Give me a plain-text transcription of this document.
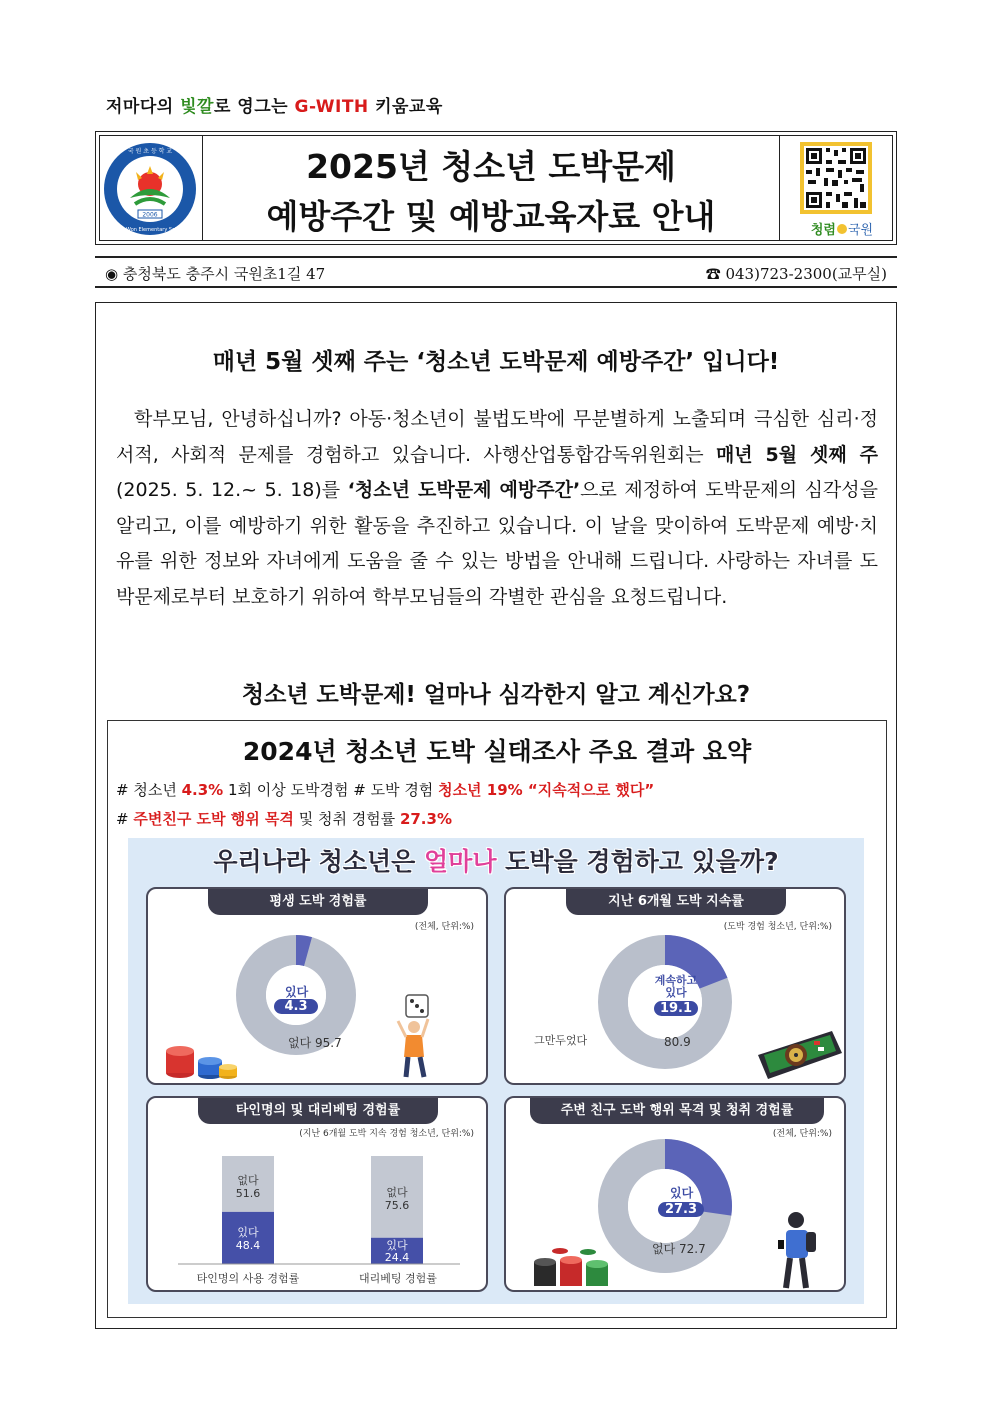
저마다의 빛깔로 영그는 G-WITH 키움교육
2006
국 원 초 등 학 교
Guk Won Elementary School
2025년 청소년 도박문제
예방주간 및 예방교육자료 안내	청렴 국원
◉ 충청북도 충주시 국원초1길 47	☎ 043)723-2300(교무실)
매년 5월 셋째 주는 ‘청소년 도박문제 예방주간’ 입니다!
학부모님, 안녕하십니까? 아동·청소년이 불법도박에 무분별하게 노출되며 극심한 심리·정서적, 사회적 문제를 경험하고 있습니다. 사행산업통합감독위원회는 매년 5월 셋째 주(2025. 5. 12.~ 5. 18)를 ‘청소년 도박문제 예방주간’으로 제정하여 도박문제의 심각성을 알리고, 이를 예방하기 위한 활동을 추진하고 있습니다. 이 날을 맞이하여 도박문제 예방·치유를 위한 정보와 자녀에게 도움을 줄 수 있는 방법을 안내해 드립니다. 사랑하는 자녀를 도박문제로부터 보호하기 위하여 학부모님들의 각별한 관심을 요청드립니다.
청소년 도박문제! 얼마나 심각한지 알고 계신가요?
2024년 청소년 도박 실태조사 주요 결과 요약
# 청소년 4.3% 1회 이상 도박경험 # 도박 경험 청소년 19% “지속적으로 했다”
# 주변친구 도박 행위 목격 및 청취 경험률 27.3%
우리나라 청소년은 얼마나 도박을 경험하고 있을까?
평생 도박 경험률
(전체, 단위:%)
있다
4.3
없다 95.7
지난 6개월 도박 지속률
(도박 경험 청소년, 단위:%)
계속하고
있다
19.1
그만두었다	80.9
타인명의 및 대리베팅 경험률
(지난 6개월 도박 지속 경험 청소년, 단위:%)
없다
51.6
있다
48.4
없다
75.6
있다
24.4
타인명의 사용 경험률	대리베팅 경험률
주변 친구 도박 행위 목격 및 청취 경험률
(전체, 단위:%)
있다
27.3
없다 72.7
